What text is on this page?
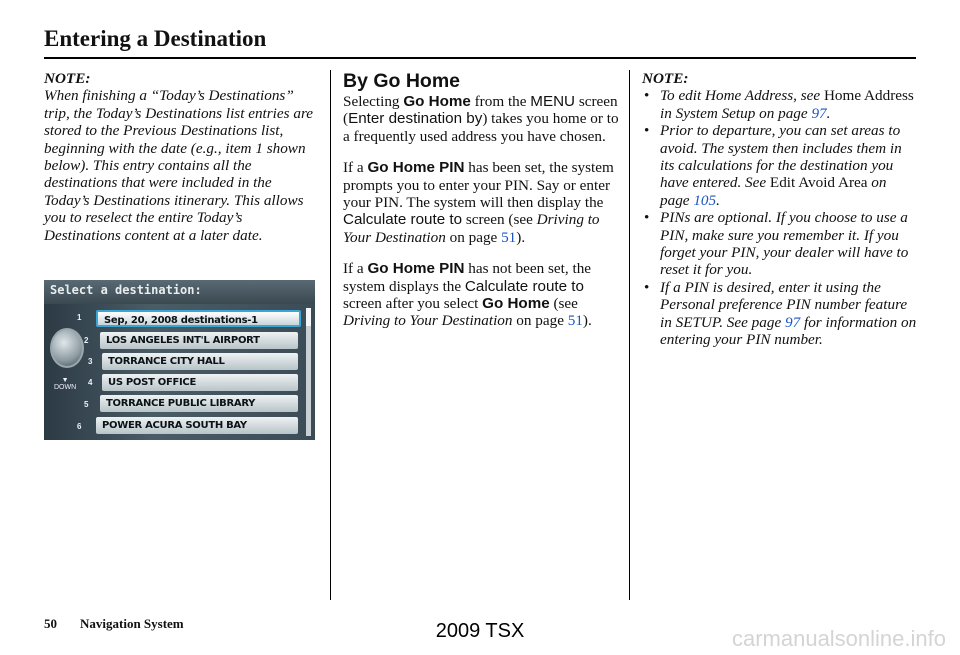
Entering a Destination
NOTE:
When finishing a “Today’s Destinations” trip, the Today’s Destinations list entries are stored to the Previous Destinations list, beginning with the date (e.g., item 1 shown below). This entry contains all the destinations that were included in the Today’s Destinations itinerary. This allows you to reselect the entire Today’s Destinations content at a later date.
Select a destination:
▼
DOWN
1	Sep, 20, 2008 destinations-1
2	LOS ANGELES INT'L AIRPORT
3	TORRANCE CITY HALL
4	US POST OFFICE
5	TORRANCE PUBLIC LIBRARY
6	POWER ACURA SOUTH BAY
By Go Home

Selecting Go Home from the MENU screen (Enter destination by) takes you home or to a frequently used address you have chosen.

If a Go Home PIN has been set, the system prompts you to enter your PIN. Say or enter your PIN. The system will then display the Calculate route to screen (see Driving to Your Destination on page 51).

If a Go Home PIN has not been set, the system displays the Calculate route to screen after you select Go Home (see Driving to Your Destination on page 51).

NOTE:
• To edit Home Address, see Home Address in System Setup on page 97.
• Prior to departure, you can set areas to avoid. The system then includes them in its calculations for the destination you have entered. See Edit Avoid Area on page 105.
• PINs are optional. If you choose to use a PIN, make sure you remember it. If you forget your PIN, your dealer will have to reset it for you.
• If a PIN is desired, enter it using the Personal preference PIN number feature in SETUP. See page 97 for information on entering your PIN number.
50 Navigation System	2009 TSX	carmanualsonline.info
